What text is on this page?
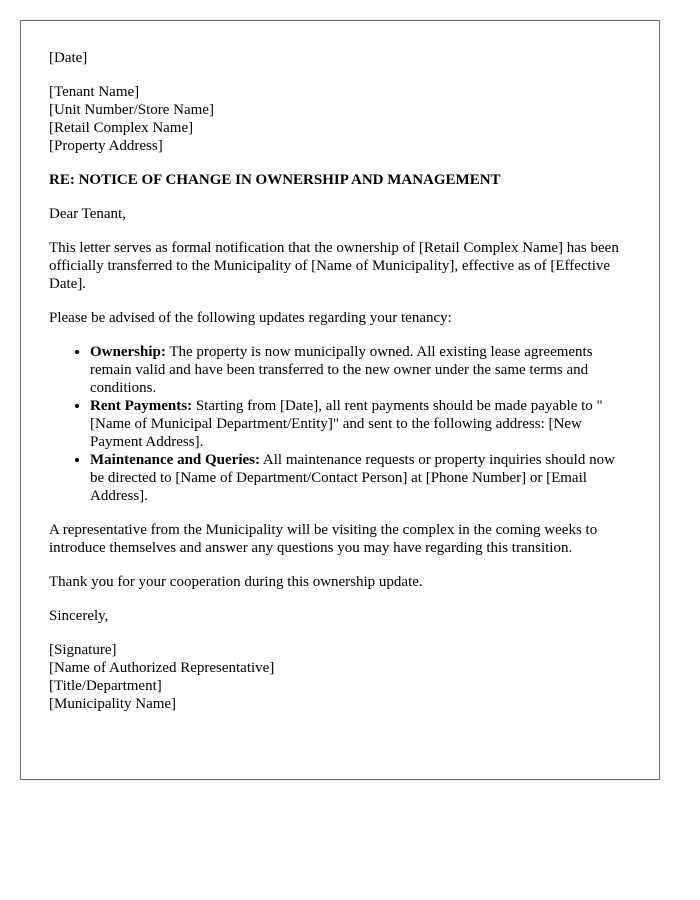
[Date]
[Tenant Name]
[Unit Number/Store Name]
[Retail Complex Name]
[Property Address]
RE: NOTICE OF CHANGE IN OWNERSHIP AND MANAGEMENT
Dear Tenant,
This letter serves as formal notification that the ownership of [Retail Complex Name] has been officially transferred to the Municipality of [Name of Municipality], effective as of [Effective Date].
Please be advised of the following updates regarding your tenancy:
• Ownership: The property is now municipally owned. All existing lease agreements remain valid and have been transferred to the new owner under the same terms and conditions.
• Rent Payments: Starting from [Date], all rent payments should be made payable to "[Name of Municipal Department/Entity]" and sent to the following address: [New Payment Address].
• Maintenance and Queries: All maintenance requests or property inquiries should now be directed to [Name of Department/Contact Person] at [Phone Number] or [Email Address].
A representative from the Municipality will be visiting the complex in the coming weeks to introduce themselves and answer any questions you may have regarding this transition.
Thank you for your cooperation during this ownership update.
Sincerely,
[Signature]
[Name of Authorized Representative]
[Title/Department]
[Municipality Name]
